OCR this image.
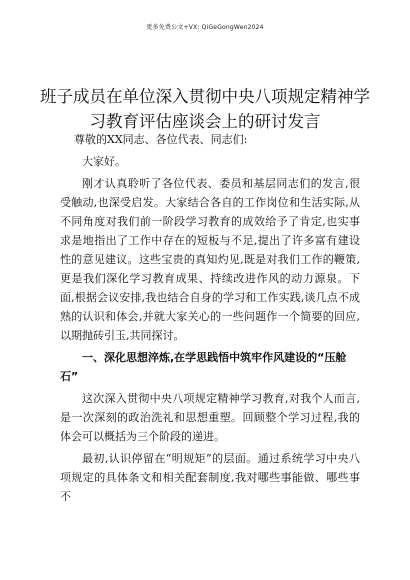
更多免费公文+VX: QiGeGongWen2024
班子成员在单位深入贯彻中央八项规定精神学习教育评估座谈会上的研讨发言

尊敬的XX同志、各位代表、同志们:

大家好。

刚才认真聆听了各位代表、委员和基层同志们的发言,很受触动,也深受启发。大家结合各自的工作岗位和生活实际,从不同角度对我们前一阶段学习教育的成效给予了肯定,也实事求是地指出了工作中存在的短板与不足,提出了许多富有建设性的意见建议。这些宝贵的真知灼见,既是对我们工作的鞭策,更是我们深化学习教育成果、持续改进作风的动力源泉。下面,根据会议安排,我也结合自身的学习和工作实践,谈几点不成熟的认识和体会,并就大家关心的一些问题作一个简要的回应,以期抛砖引玉,共同探讨。

一、深化思想淬炼,在学思践悟中筑牢作风建设的“压舱石”

这次深入贯彻中央八项规定精神学习教育,对我个人而言,是一次深刻的政治洗礼和思想重塑。回顾整个学习过程,我的体会可以概括为三个阶段的递进。

最初,认识停留在“明规矩”的层面。通过系统学习中央八项规定的具体条文和相关配套制度,我对哪些事能做、哪些事不
